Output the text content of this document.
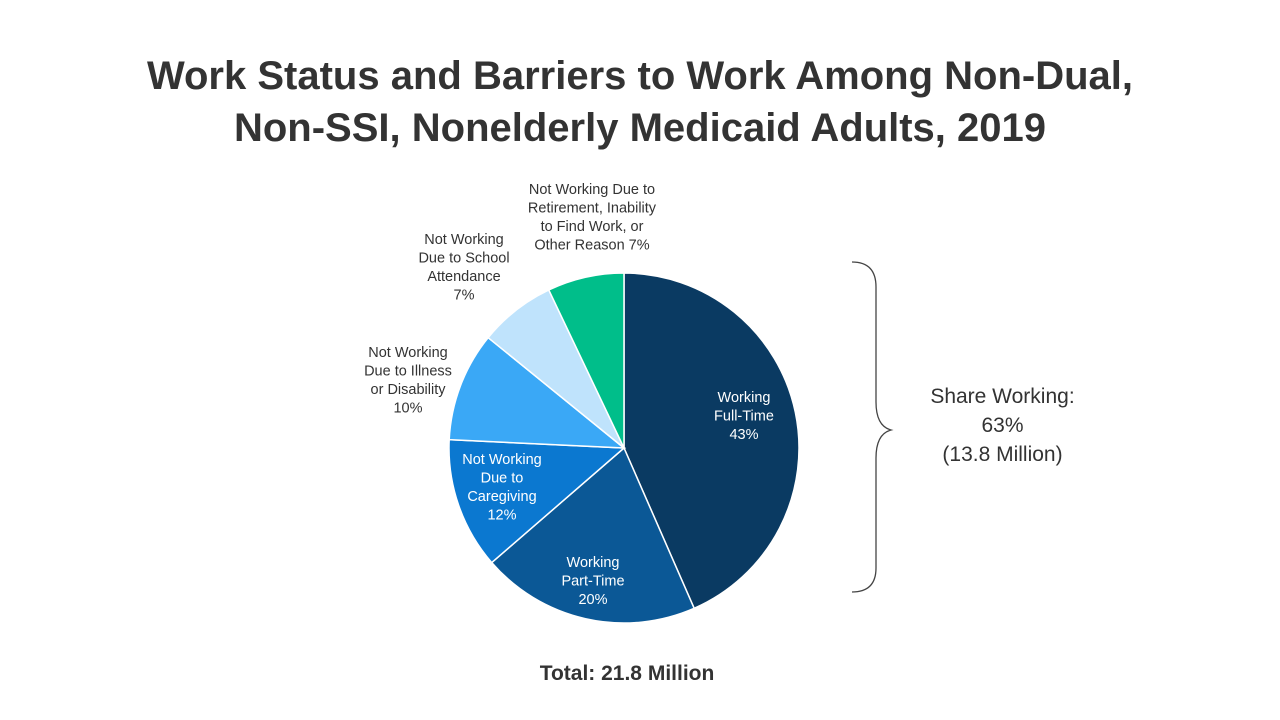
Work Status and Barriers to Work Among Non-Dual,
Non-SSI, Nonelderly Medicaid Adults, 2019
Working Full-Time 43%
Working Part-Time 20%
Not Working Due to Caregiving 12%
Not Working Due to Illness or Disability 10%
Not Working Due to School Attendance 7%
Not Working Due to Retirement, Inability to Find Work, or Other Reason 7%
Share Working:
63%
(13.8 Million)
Total: 21.8 Million
